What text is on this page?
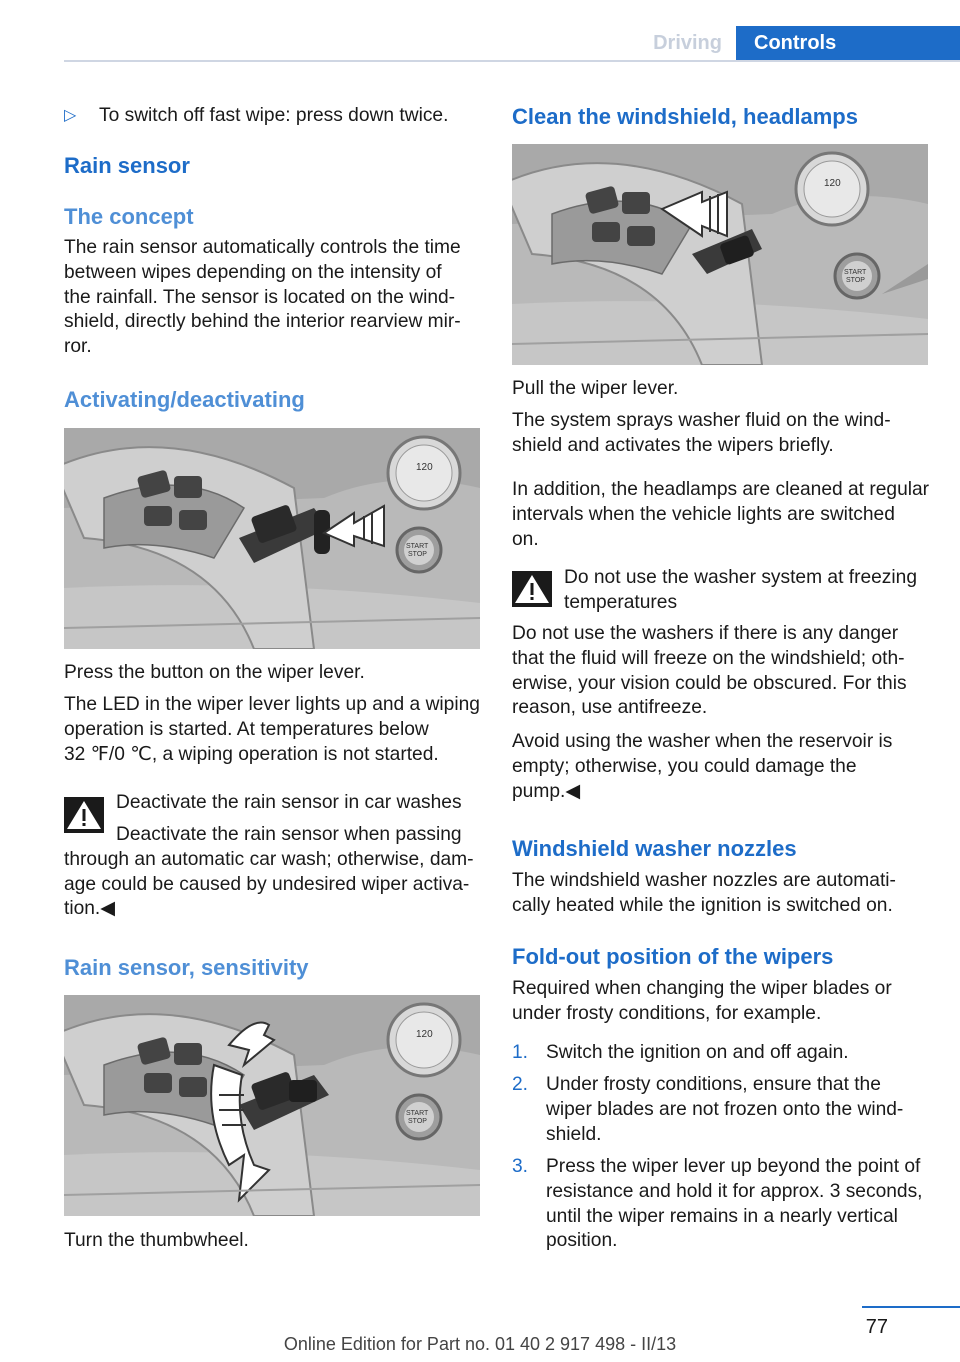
Driving	Controls
▷ To switch off fast wipe: press down twice.
Rain sensor
The concept
The rain sensor automatically controls the time
between wipes depending on the intensity of
the rainfall. The sensor is located on the wind‐
shield, directly behind the interior rearview mir‐
ror.
Activating/deactivating
120
START
STOP
Press the button on the wiper lever.
The LED in the wiper lever lights up and a wiping
operation is started. At temperatures below
32 ℉/0 ℃, a wiping operation is not started.
Deactivate the rain sensor in car washes
Deactivate the rain sensor when passing
through an automatic car wash; otherwise, dam‐
age could be caused by undesired wiper activa‐
tion.◀
Rain sensor, sensitivity
120
START
STOP
Turn the thumbwheel.
Clean the windshield, headlamps
120
START
STOP
Pull the wiper lever.
The system sprays washer fluid on the wind‐
shield and activates the wipers briefly.
In addition, the headlamps are cleaned at regular
intervals when the vehicle lights are switched
on.
Do not use the washer system at freezing
temperatures
Do not use the washers if there is any danger
that the fluid will freeze on the windshield; oth‐
erwise, your vision could be obscured. For this
reason, use antifreeze.
Avoid using the washer when the reservoir is
empty; otherwise, you could damage the
pump.◀
Windshield washer nozzles
The windshield washer nozzles are automati‐
cally heated while the ignition is switched on.
Fold-out position of the wipers
Required when changing the wiper blades or
under frosty conditions, for example.
1. Switch the ignition on and off again.
2. Under frosty conditions, ensure that the
wiper blades are not frozen onto the wind‐
shield.
3. Press the wiper lever up beyond the point of
resistance and hold it for approx. 3 seconds,
until the wiper remains in a nearly vertical
position.
77
Online Edition for Part no. 01 40 2 917 498 - II/13
